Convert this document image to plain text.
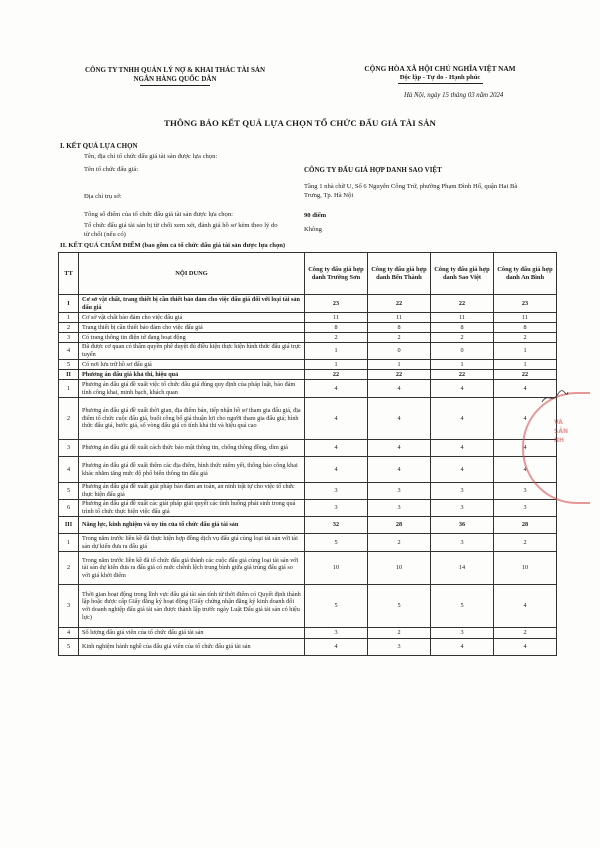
CÔNG TY TNHH QUẢN LÝ NỢ & KHAI THÁC TÀI SẢN
NGÂN HÀNG QUỐC DÂN
CỘNG HÒA XÃ HỘI CHỦ NGHĨA VIỆT NAM
Độc lập - Tự do - Hạnh phúc
Hà Nội, ngày 15 tháng 03 năm 2024
THÔNG BÁO KẾT QUẢ LỰA CHỌN TỔ CHỨC ĐẤU GIÁ TÀI SẢN
I. KẾT QUẢ LỰA CHỌN
Tên, địa chỉ tổ chức đấu giá tài sản được lựa chọn:
Tên tổ chức đấu giá:	CÔNG TY ĐẤU GIÁ HỢP DANH SAO VIỆT
Địa chỉ trụ sở:
Tầng 1 nhà chữ U, Số 6 Nguyễn Công Trứ, phường Phạm Đình Hổ, quận Hai Bà Trưng, Tp. Hà Nội
Tổng số điểm của tổ chức đấu giá tài sản được lựa chọn:	90 điểm
Tổ chức đấu giá tài sản bị từ chối xem xét, đánh giá hồ sơ kèm theo lý do từ chối (nếu có)
Không
II. KẾT QUẢ CHẤM ĐIỂM (bao gồm cả tổ chức đấu giá tài sản được lựa chọn)
TT	NỘI DUNG	Công ty đấu giá hợp danh Trường Sơn	Công ty đấu giá hợp danh Bến Thành	Công ty đấu giá hợp danh Sao Việt	Công ty đấu giá hợp danh An Bình
I	Cơ sở vật chất, trang thiết bị cần thiết bảo đảm cho việc đấu giá đối với loại tài sản đấu giá	23	22	22	23
1	Cơ sở vật chất bảo đảm cho việc đấu giá	11	11	11	11
2	Trang thiết bị cần thiết bảo đảm cho việc đấu giá	8	8	8	8
3	Có trang thông tin điện tử đang hoạt động	2	2	2	2
4	Đã được cơ quan có thẩm quyền phê duyệt đủ điều kiện thực hiện hình thức đấu giá trực tuyến	1	0	0	1
5	Có nơi lưu trữ hồ sơ đấu giá	1	1	1	1
II	Phương án đấu giá khả thi, hiệu quả	22	22	22	22
1	Phương án đấu giá đề xuất việc tổ chức đấu giá đúng quy định của pháp luật, bảo đảm tính công khai, minh bạch, khách quan	4	4	4	4
2	Phương án đấu giá đề xuất thời gian, địa điểm bán, tiếp nhận hồ sơ tham gia đấu giá, địa điểm tổ chức cuộc đấu giá, buổi công bố giá thuận lợi cho người tham gia đấu giá; hình thức đấu giá, bước giá, số vòng đấu giá có tính khả thi và hiệu quả cao	4	4	4	4
3	Phương án đấu giá đề xuất cách thức bảo mật thông tin, chống thông đồng, dìm giá	4	4	4	4
4	Phương án đấu giá đề xuất thêm các địa điểm, hình thức niêm yết, thông báo công khai khác nhằm tăng mức độ phổ biến thông tin đấu giá	4	4	4	4
5	Phương án đấu giá đề xuất giải pháp bảo đảm an toàn, an ninh trật tự cho việc tổ chức thực hiện đấu giá	3	3	3	3
6	Phương án đấu giá đề xuất các giải pháp giải quyết các tình huống phát sinh trong quá trình tổ chức thực hiện việc đấu giá	3	3	3	3
III	Năng lực, kinh nghiệm và uy tín của tổ chức đấu giá tài sản	32	28	36	28
1	Trong năm trước liền kề đã thực hiện hợp đồng dịch vụ đấu giá cùng loại tài sản với tài sản dự kiến đưa ra đấu giá	5	2	3	2
2	Trong năm trước liền kề đã tổ chức đấu giá thành các cuộc đấu giá cùng loại tài sản với tài sản dự kiến đưa ra đấu giá có mức chênh lệch trung bình giữa giá trúng đấu giá so với giá khởi điểm	10	10	14	10
3	Thời gian hoạt động trong lĩnh vực đấu giá tài sản tính từ thời điểm có Quyết định thành lập hoặc được cấp Giấy đăng ký hoạt động (Giấy chứng nhận đăng ký kinh doanh đối với doanh nghiệp đấu giá tài sản được thành lập trước ngày Luật Đấu giá tài sản có hiệu lực)	5	5	5	4
4	Số lượng đấu giá viên của tổ chức đấu giá tài sản	3	2	3	2
5	Kinh nghiệm hành nghề của đấu giá viên của tổ chức đấu giá tài sản	4	3	4	4
VÀ
SẢN
NH
